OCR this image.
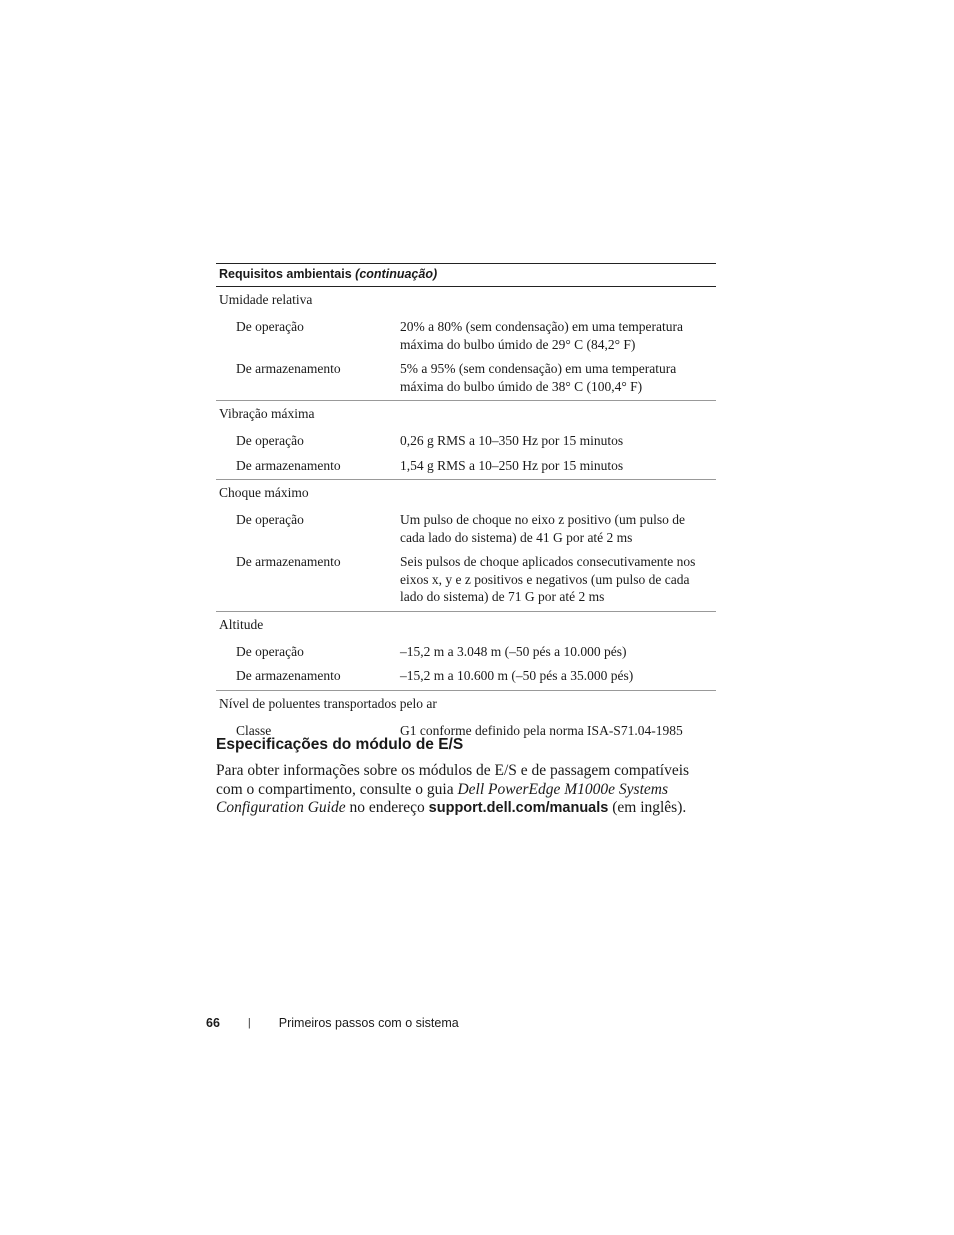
Requisitos ambientais (continuação)
Umidade relativa
De operação	20% a 80% (sem condensação) em uma temperatura máxima do bulbo úmido de 29° C (84,2° F)
De armazenamento	5% a 95% (sem condensação) em uma temperatura máxima do bulbo úmido de 38° C (100,4° F)
Vibração máxima
De operação	0,26 g RMS a 10–350 Hz por 15 minutos
De armazenamento	1,54 g RMS a 10–250 Hz por 15 minutos
Choque máximo
De operação	Um pulso de choque no eixo z positivo (um pulso de cada lado do sistema) de 41 G por até 2 ms
De armazenamento	Seis pulsos de choque aplicados consecutivamente nos eixos x, y e z positivos e negativos (um pulso de cada lado do sistema) de 71 G por até 2 ms
Altitude
De operação	–15,2 m a 3.048 m (–50 pés a 10.000 pés)
De armazenamento	–15,2 m a 10.600 m (–50 pés a 35.000 pés)
Nível de poluentes transportados pelo ar
Classe	G1 conforme definido pela norma ISA-S71.04-1985
Especificações do módulo de E/S

Para obter informações sobre os módulos de E/S e de passagem compatíveis com o compartimento, consulte o guia Dell PowerEdge M1000e Systems Configuration Guide no endereço support.dell.com/manuals (em inglês).

66	| Primeiros passos com o sistema
